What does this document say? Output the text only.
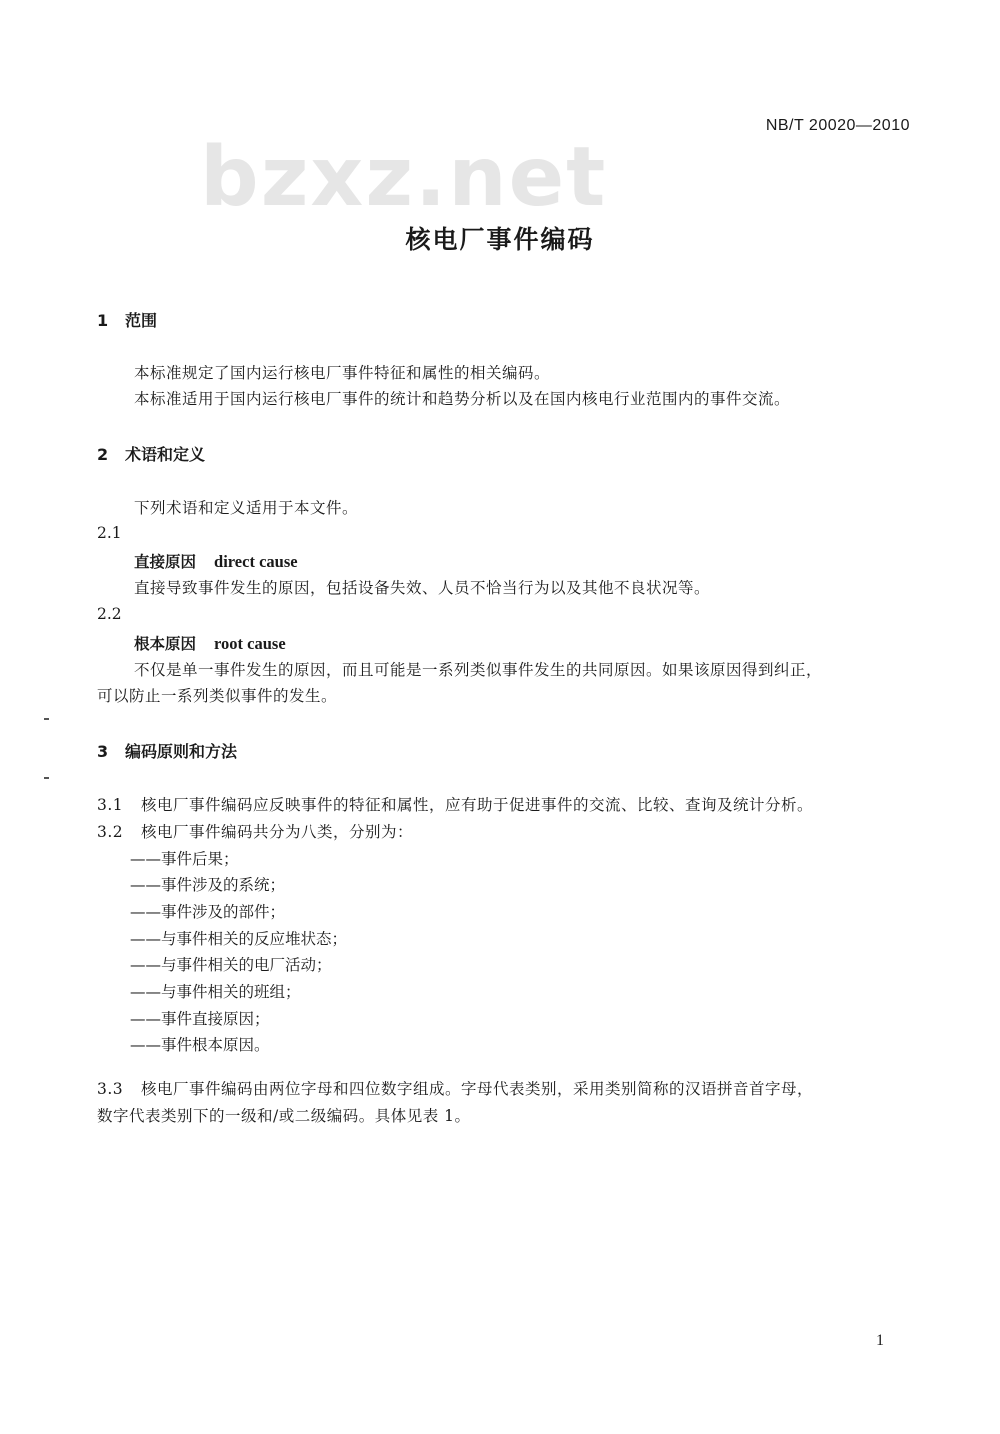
bzxz.net
NB/T 20020—2010
核电厂事件编码
1 范围
本标准规定了国内运行核电厂事件特征和属性的相关编码。
本标准适用于国内运行核电厂事件的统计和趋势分析以及在国内核电行业范围内的事件交流。
2 术语和定义
下列术语和定义适用于本文件。
2.1
直接原因 direct cause
直接导致事件发生的原因，包括设备失效、人员不恰当行为以及其他不良状况等。
2.2
根本原因 root cause
不仅是单一事件发生的原因，而且可能是一系列类似事件发生的共同原因。如果该原因得到纠正，
可以防止一系列类似事件的发生。
3 编码原则和方法
3.1 核电厂事件编码应反映事件的特征和属性，应有助于促进事件的交流、比较、查询及统计分析。
3.2 核电厂事件编码共分为八类，分别为：
——事件后果；
——事件涉及的系统；
——事件涉及的部件；
——与事件相关的反应堆状态；
——与事件相关的电厂活动；
——与事件相关的班组；
——事件直接原因；
——事件根本原因。
3.3 核电厂事件编码由两位字母和四位数字组成。字母代表类别，采用类别简称的汉语拼音首字母，
数字代表类别下的一级和/或二级编码。具体见表 1。
1
